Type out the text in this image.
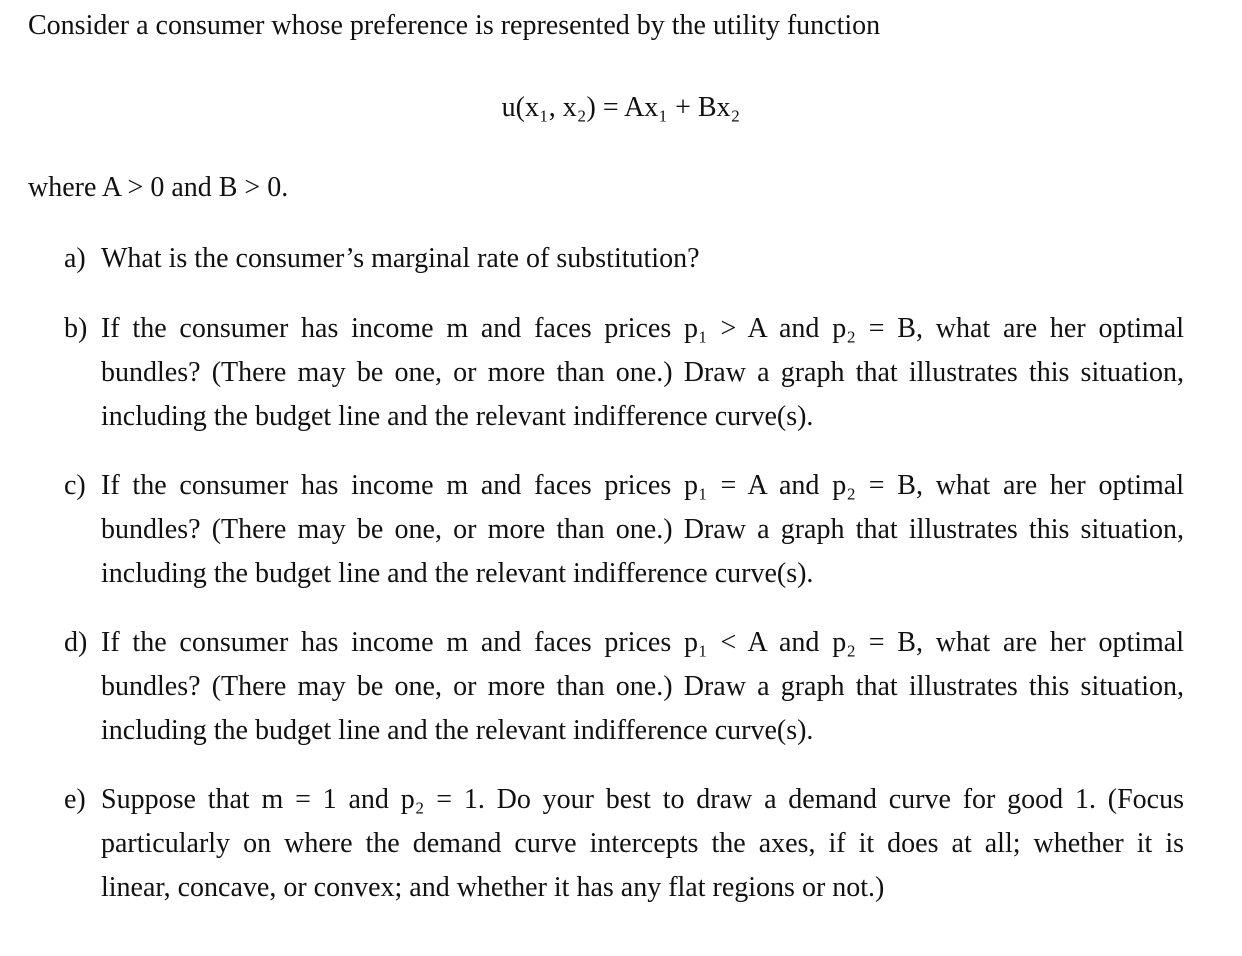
Consider a consumer whose preference is represented by the utility function
u(x₁, x₂) = Ax₁ + Bx₂
where A > 0 and B > 0.
a) What is the consumer’s marginal rate of substitution?
b) If the consumer has income m and faces prices p₁ > A and p₂ = B, what are her optimal
bundles? (There may be one, or more than one.) Draw a graph that illustrates this situation,
including the budget line and the relevant indifference curve(s).
c) If the consumer has income m and faces prices p₁ = A and p₂ = B, what are her optimal
bundles? (There may be one, or more than one.) Draw a graph that illustrates this situation,
including the budget line and the relevant indifference curve(s).
d) If the consumer has income m and faces prices p₁ < A and p₂ = B, what are her optimal
bundles? (There may be one, or more than one.) Draw a graph that illustrates this situation,
including the budget line and the relevant indifference curve(s).
e) Suppose that m = 1 and p₂ = 1. Do your best to draw a demand curve for good 1. (Focus
particularly on where the demand curve intercepts the axes, if it does at all; whether it is
linear, concave, or convex; and whether it has any flat regions or not.)
